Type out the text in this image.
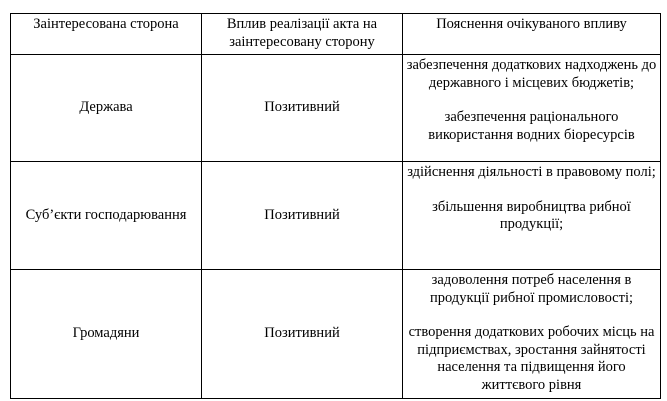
Заінтересована сторона	Вплив реалізації акта на заінтересовану сторону	Пояснення очікуваного впливу
Держава	Позитивний	забезпечення додаткових надходжень до державного і місцевих бюджетів;

забезпечення раціонального використання водних біоресурсів

Суб’єкти господарювання	Позитивний	здійснення діяльності в правовому полі;

збільшення виробництва рибної продукції;

Громадяни	Позитивний	задоволення потреб населення в продукції рибної промисловості;

створення додаткових робочих місць на підприємствах, зростання зайнятості населення та підвищення його життєвого рівня
